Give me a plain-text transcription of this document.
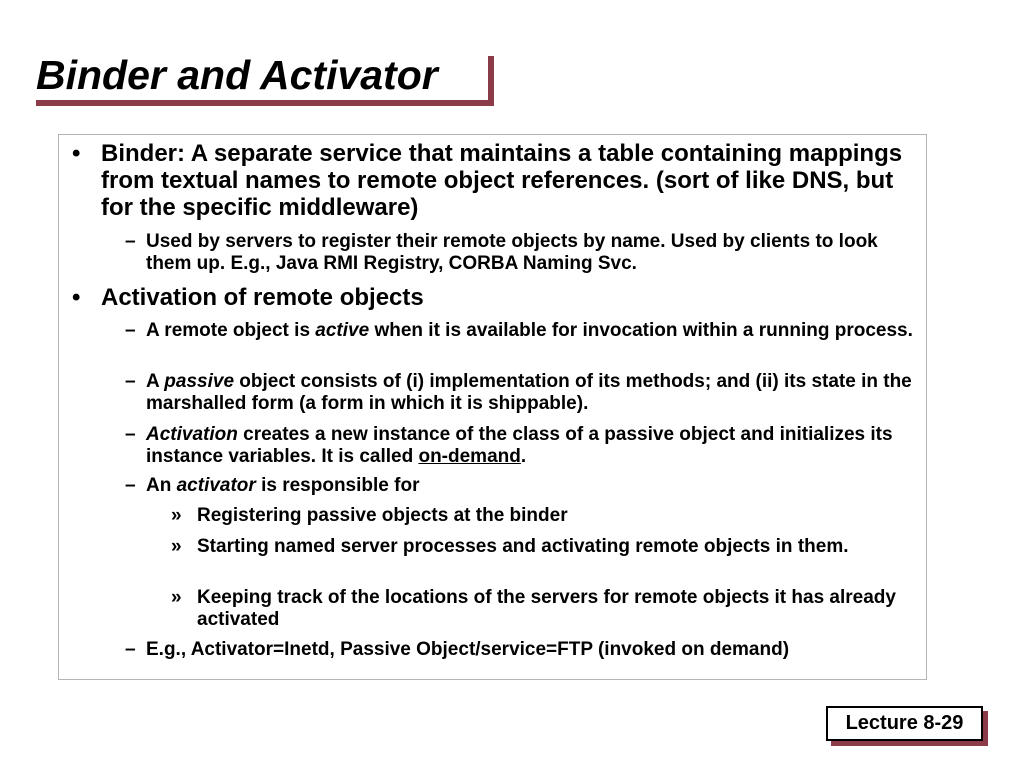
Binder and Activator
• Binder: A separate service that maintains a table containing mappings from textual names to remote object references. (sort of like DNS, but for the specific middleware)
– Used by servers to register their remote objects by name. Used by clients to look them up. E.g., Java RMI Registry, CORBA Naming Svc.
• Activation of remote objects
– A remote object is active when it is available for invocation within a running process.
– A passive object consists of (i) implementation of its methods; and (ii) its state in the marshalled form (a form in which it is shippable).
– Activation creates a new instance of the class of a passive object and initializes its instance variables. It is called on-demand.
– An activator is responsible for
» Registering passive objects at the binder
» Starting named server processes and activating remote objects in them.
» Keeping track of the locations of the servers for remote objects it has already activated
– E.g., Activator=Inetd, Passive Object/service=FTP (invoked on demand)
Lecture 8-29
